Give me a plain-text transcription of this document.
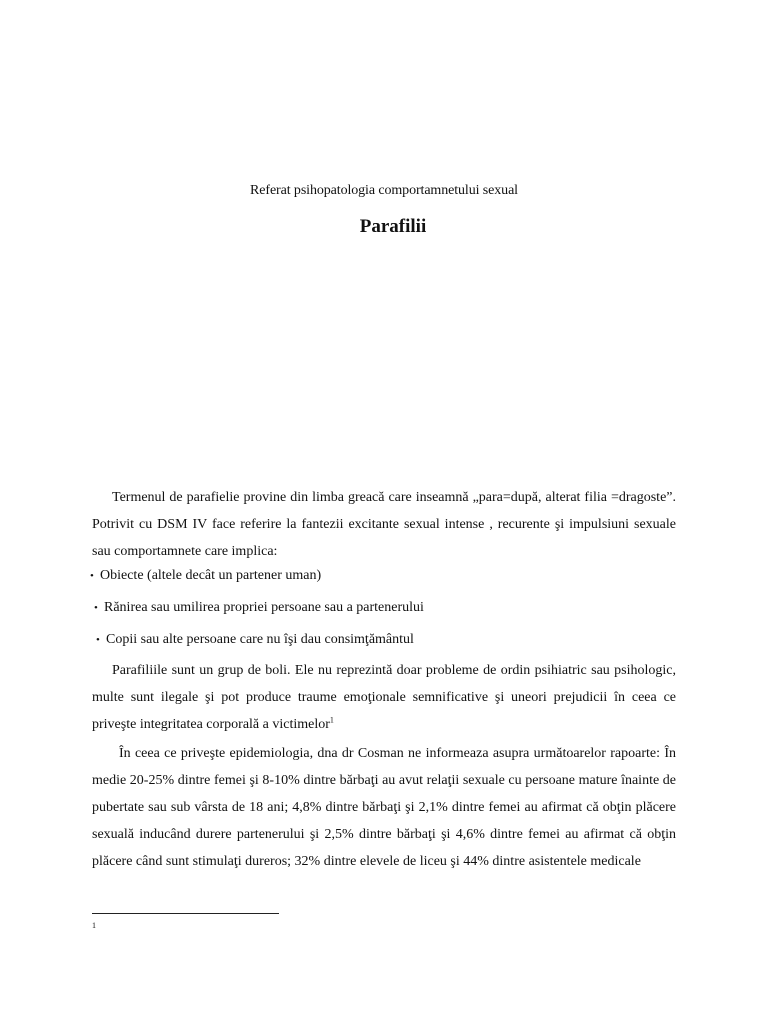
Referat psihopatologia comportamnetului sexual
Parafilii

Termenul de parafielie provine din limba greacă care inseamnă „para=după, alterat filia =dragoste”. Potrivit cu DSM IV face referire la fantezii excitante sexual intense , recurente şi impulsiuni sexuale sau comportamnete care implica:

• Obiecte (altele decât un partener uman)
• Rănirea sau umilirea propriei persoane sau a partenerului
• Copii sau alte persoane care nu îşi dau consimţământul

Parafiliile sunt un grup de boli. Ele nu reprezintă doar probleme de ordin psihiatric sau psihologic, multe sunt ilegale şi pot produce traume emoţionale semnificative şi uneori prejudicii în ceea ce priveşte integritatea corporală a victimelor$^1$

În ceea ce priveşte epidemiologia, dna dr Cosman ne informeaza asupra următoarelor rapoarte: În medie 20-25% dintre femei şi 8-10% dintre bărbaţi au avut relaţii sexuale cu persoane mature înainte de pubertate sau sub vârsta de 18 ani; 4,8% dintre bărbaţi şi 2,1% dintre femei au afirmat că obţin plăcere sexuală inducând durere partenerului şi 2,5% dintre bărbaţi şi 4,6% dintre femei au afirmat că obţin plăcere când sunt stimulaţi dureros; 32% dintre elevele de liceu şi 44% dintre asistentele medicale

1
